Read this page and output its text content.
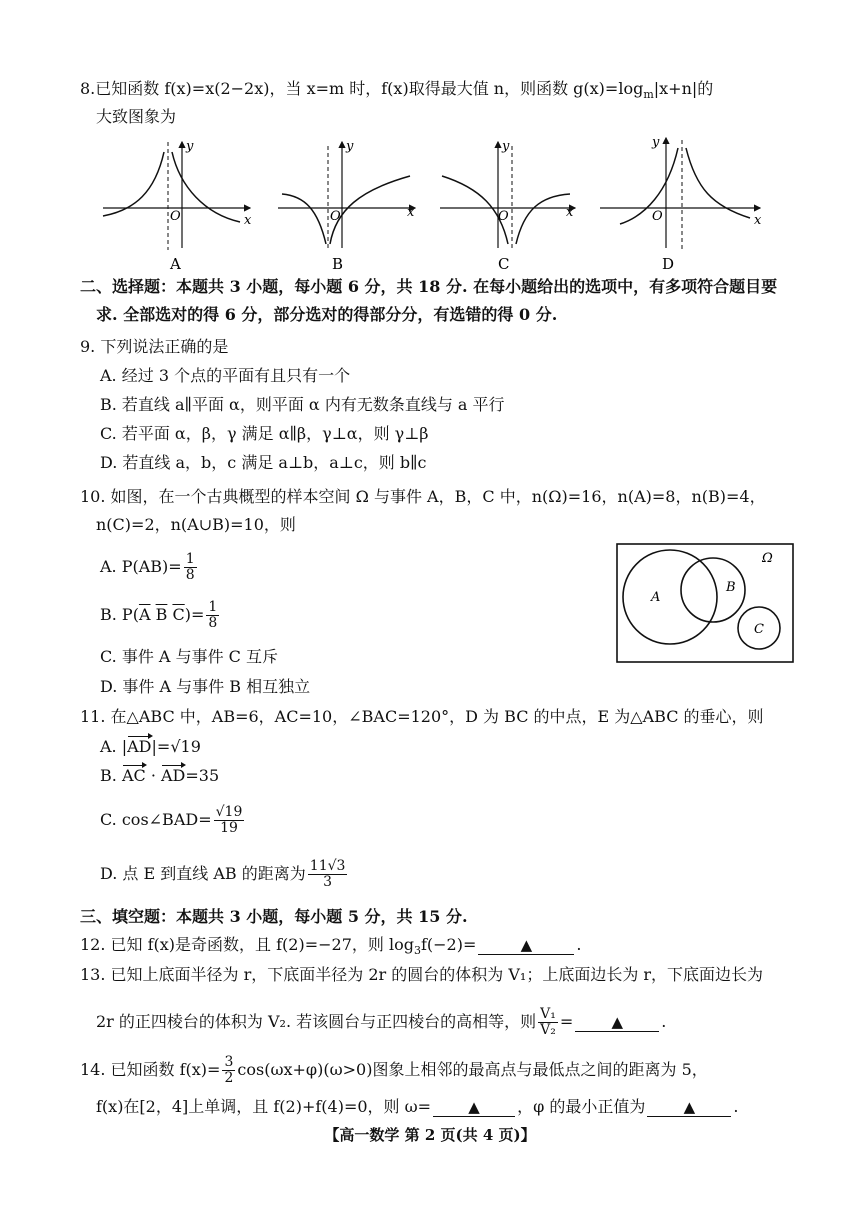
8.已知函数 f(x)=x(2−2x)，当 x=m 时，f(x)取得最大值 n，则函数 $g(x)=\log_m|x+n|$的
大致图象为
y
x
O
y
x
O
y
x
O
y
x
O
A	B	C	D
二、选择题：本题共 3 小题，每小题 6 分，共 18 分. 在每小题给出的选项中，有多项符合题目要
求. 全部选对的得 6 分，部分选对的得部分分，有选错的得 0 分.
9. 下列说法正确的是
A. 经过 3 个点的平面有且只有一个
B. 若直线 a∥平面 α，则平面 α 内有无数条直线与 a 平行
C. 若平面 α，β，γ 满足 α∥β，γ⊥α，则 γ⊥β
D. 若直线 a，b，c 满足 a⊥b，a⊥c，则 b∥c
10. 如图，在一个古典概型的样本空间 Ω 与事件 A，B，C 中，n(Ω)=16，n(A)=8，n(B)=4，
n(C)=2，n(A∪B)=10，则
A. $P(AB)= \frac{1}{8}$
B. $P(\overline{A}$ $\overline{B}$ $\overline{C})= \frac{1}{8}$
C. 事件 A 与事件 C 互斥
D. 事件 A 与事件 B 相互独立
Ω
A
B
C
11. 在△ABC 中，AB=6，AC=10，∠BAC=120°，D 为 BC 的中点，E 为△ABC 的垂心，则
A. |AD|=√19
B. AC · AD=35
C. cos∠BAD= $\frac{√19}{19}$
D. 点 E 到直线 AB 的距离为 $\frac{11√3}{3}$
三、填空题：本题共 3 小题，每小题 5 分，共 15 分.
12. 已知 f(x)是奇函数，且 f(2)=−27，则 $\log_3f(-2)=$	▲	.
13. 已知上底面半径为 r，下底面半径为 2r 的圆台的体积为 V₁；上底面边长为 r，下底面边长为
2r 的正四棱台的体积为 V₂. 若该圆台与正四棱台的高相等，则 $\frac{\text{V₁}}{\text{V₂}}$ =	▲ .
14. 已知函数 $f(x)= \frac{3}{2} \cos(\omega x+\varphi)(\omega>0)$图象上相邻的最高点与最低点之间的距离为 5，
f(x)在[2，4]上单调，且 f(2)+f(4)=0，则 ω= ▲ ，φ 的最小正值为	▲ .
【高一数学 第 2 页(共 4 页)】
